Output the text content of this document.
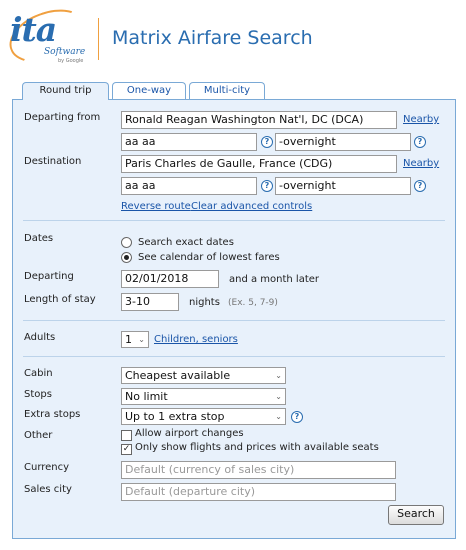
ita
Software
by Google
Matrix Airfare Search
Round trip	One-way	Multi-city
Departing from	Ronald Reagan Washington Nat'l, DC (DCA)	Nearby
aa aa	? -overnight	?
Destination	Paris Charles de Gaulle, France (CDG)	Nearby
aa aa	? -overnight	?
Reverse route Clear advanced controls
Dates	Search exact dates
See calendar of lowest fares
Departing	02/01/2018	and a month later
Length of stay	3-10	nights (Ex. 5, 7-9)
Adults	1 ⌄ Children, seniors
Cabin	Cheapest available	⌄
Stops	No limit	⌄
Extra stops	Up to 1 extra stop	⌄	?
Other	Allow airport changes
✓ Only show flights and prices with available seats
Currency	Default (currency of sales city)
Sales city	Default (departure city)
Search
